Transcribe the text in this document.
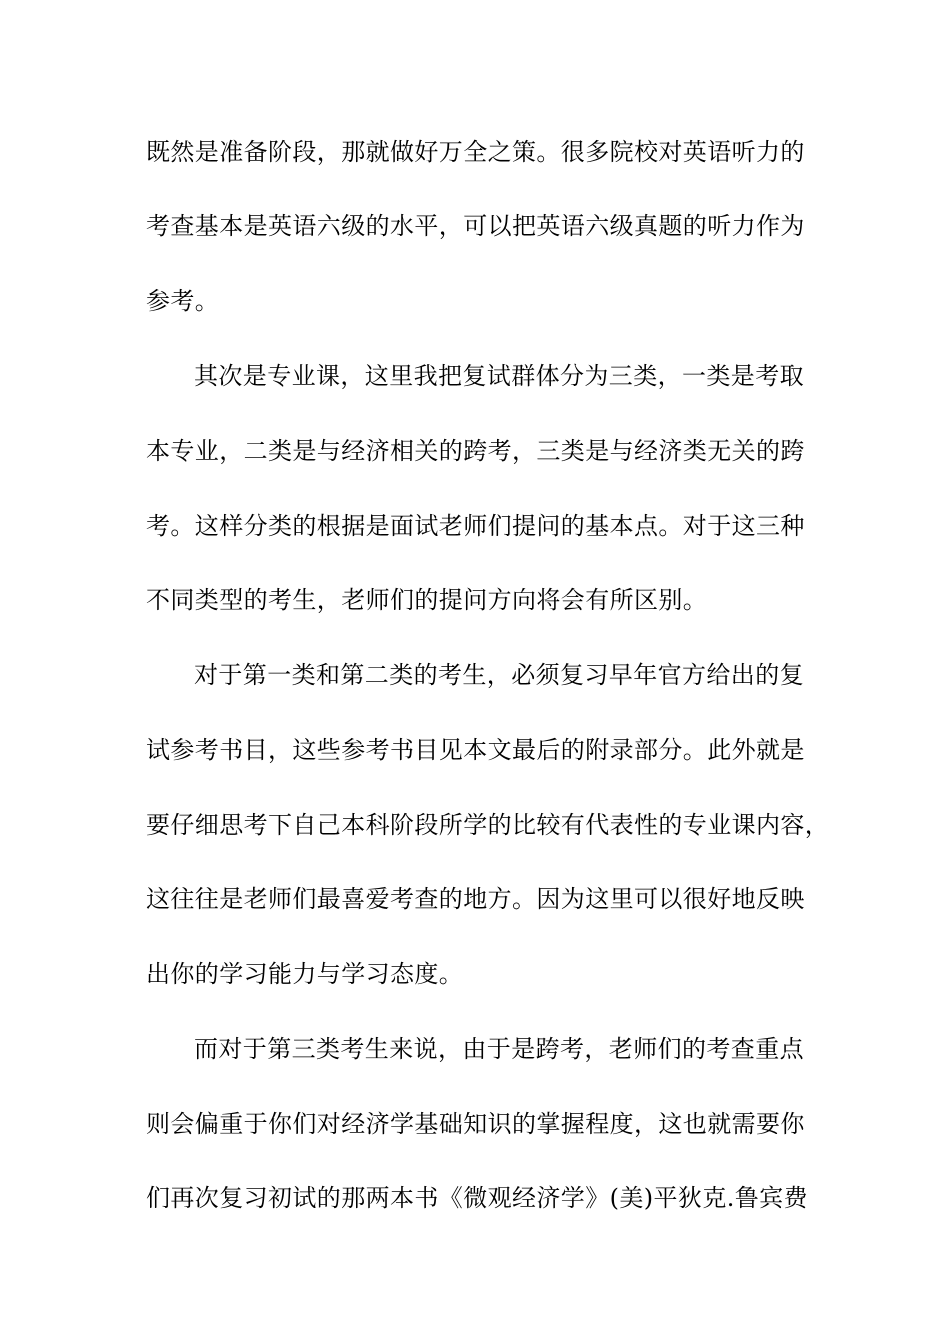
既然是准备阶段，那就做好万全之策。很多院校对英语听力的
考查基本是英语六级的水平，可以把英语六级真题的听力作为
参考。
其次是专业课，这里我把复试群体分为三类，一类是考取
本专业，二类是与经济相关的跨考，三类是与经济类无关的跨
考。这样分类的根据是面试老师们提问的基本点。对于这三种
不同类型的考生，老师们的提问方向将会有所区别。
对于第一类和第二类的考生，必须复习早年官方给出的复
试参考书目，这些参考书目见本文最后的附录部分。此外就是
要仔细思考下自己本科阶段所学的比较有代表性的专业课内容，
这往往是老师们最喜爱考查的地方。因为这里可以很好地反映
出你的学习能力与学习态度。
而对于第三类考生来说，由于是跨考，老师们的考查重点
则会偏重于你们对经济学基础知识的掌握程度，这也就需要你
们再次复习初试的那两本书《微观经济学》(美)平狄克.鲁宾费
